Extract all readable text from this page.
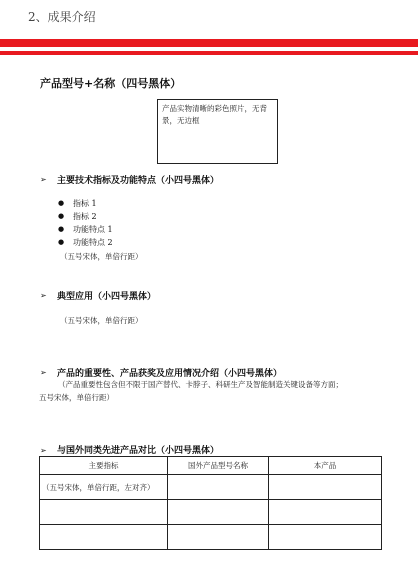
2、成果介绍
产品型号+名称（四号黑体）
产品实物清晰的彩色照片，无背景，无边框
➢ 主要技术指标及功能特点（小四号黑体）
● 指标 1
● 指标 2
● 功能特点 1
● 功能特点 2
（五号宋体，单倍行距）
➢ 典型应用（小四号黑体）
（五号宋体，单倍行距）
➢ 产品的重要性、产品获奖及应用情况介绍（小四号黑体）
（产品重要性包含但不限于国产替代、卡脖子、科研生产及智能制造关键设备等方面；
五号宋体，单倍行距）
➢ 与国外同类先进产品对比（小四号黑体）
主要指标	国外产品型号名称	本产品
（五号宋体，单倍行距，左对齐）		
